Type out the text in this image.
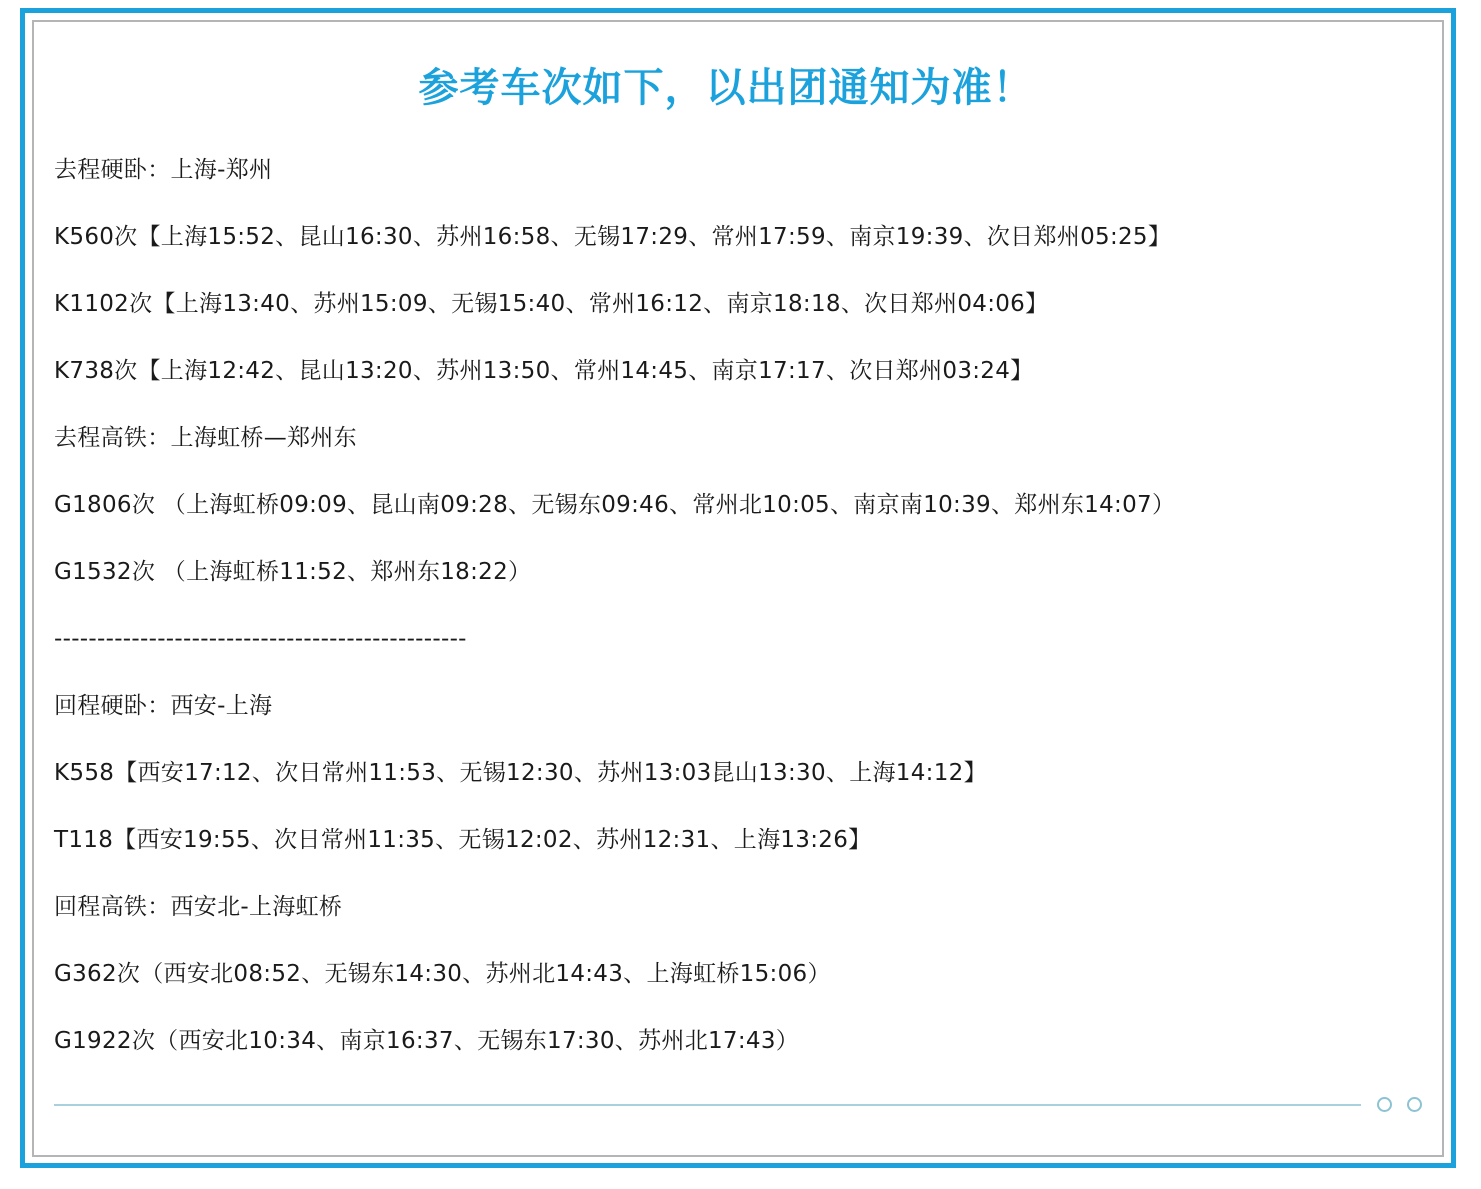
参考车次如下，以出团通知为准！
去程硬卧：上海-郑州
K560次【上海15:52、昆山16:30、苏州16:58、无锡17:29、常州17:59、南京19:39、次日郑州05:25】
K1102次【上海13:40、苏州15:09、无锡15:40、常州16:12、南京18:18、次日郑州04:06】
K738次【上海12:42、昆山13:20、苏州13:50、常州14:45、南京17:17、次日郑州03:24】
去程高铁：上海虹桥—郑州东
G1806次 （上海虹桥09:09、昆山南09:28、无锡东09:46、常州北10:05、南京南10:39、郑州东14:07）
G1532次 （上海虹桥11:52、郑州东18:22）
------------------------------------------------
回程硬卧：西安-上海
K558【西安17:12、次日常州11:53、无锡12:30、苏州13:03昆山13:30、上海14:12】
T118【西安19:55、次日常州11:35、无锡12:02、苏州12:31、上海13:26】
回程高铁：西安北-上海虹桥
G362次（西安北08:52、无锡东14:30、苏州北14:43、上海虹桥15:06）
G1922次（西安北10:34、南京16:37、无锡东17:30、苏州北17:43）
